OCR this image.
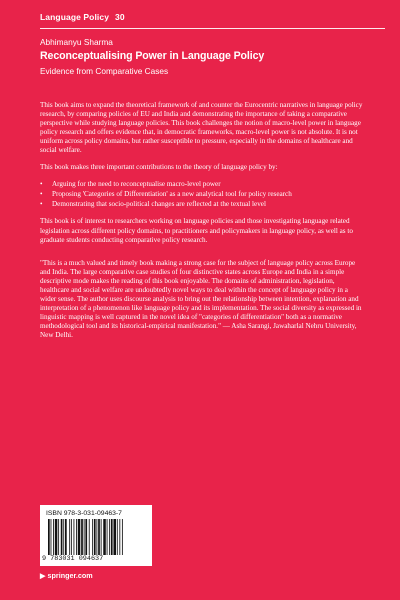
Language Policy 30
Abhimanyu Sharma
Reconceptualising Power in Language Policy
Evidence from Comparative Cases

This book aims to expand the theoretical framework of and counter the Eurocentric narratives in language policy research, by comparing policies of EU and India and demonstrating the importance of taking a comparative perspective while studying language policies. This book challenges the notion of macro-level power in language policy research and offers evidence that, in democratic frameworks, macro-level power is not absolute. It is not uniform across policy domains, but rather susceptible to pressure, especially in the domains of healthcare and social welfare.

This book makes three important contributions to the theory of language policy by:

• Arguing for the need to reconceptualise macro-level power
• Proposing 'Categories of Differentiation' as a new analytical tool for policy research
• Demonstrating that socio-political changes are reflected at the textual level

This book is of interest to researchers working on language policies and those investigating language related legislation across different policy domains, to practitioners and policymakers in language policy, as well as to graduate students conducting comparative policy research.

"This is a much valued and timely book making a strong case for the subject of language policy across Europe and India. The large comparative case studies of four distinctive states across Europe and India in a simple descriptive mode makes the reading of this book enjoyable. The domains of administration, legislation, healthcare and social welfare are undoubtedly novel ways to deal within the concept of language policy in a wider sense. The author uses discourse analysis to bring out the relationship between intention, explanation and interpretation of a phenomenon like language policy and its implementation. The social diversity as expressed in linguistic mapping is well captured in the novel idea of "categories of differentiation" both as a normative methodological tool and its historical-empirical manifestation." — Asha Sarangi, Jawaharlal Nehru University, New Delhi.

ISBN 978-3-031-09463-7
9 783031 094637
▶ springer.com
